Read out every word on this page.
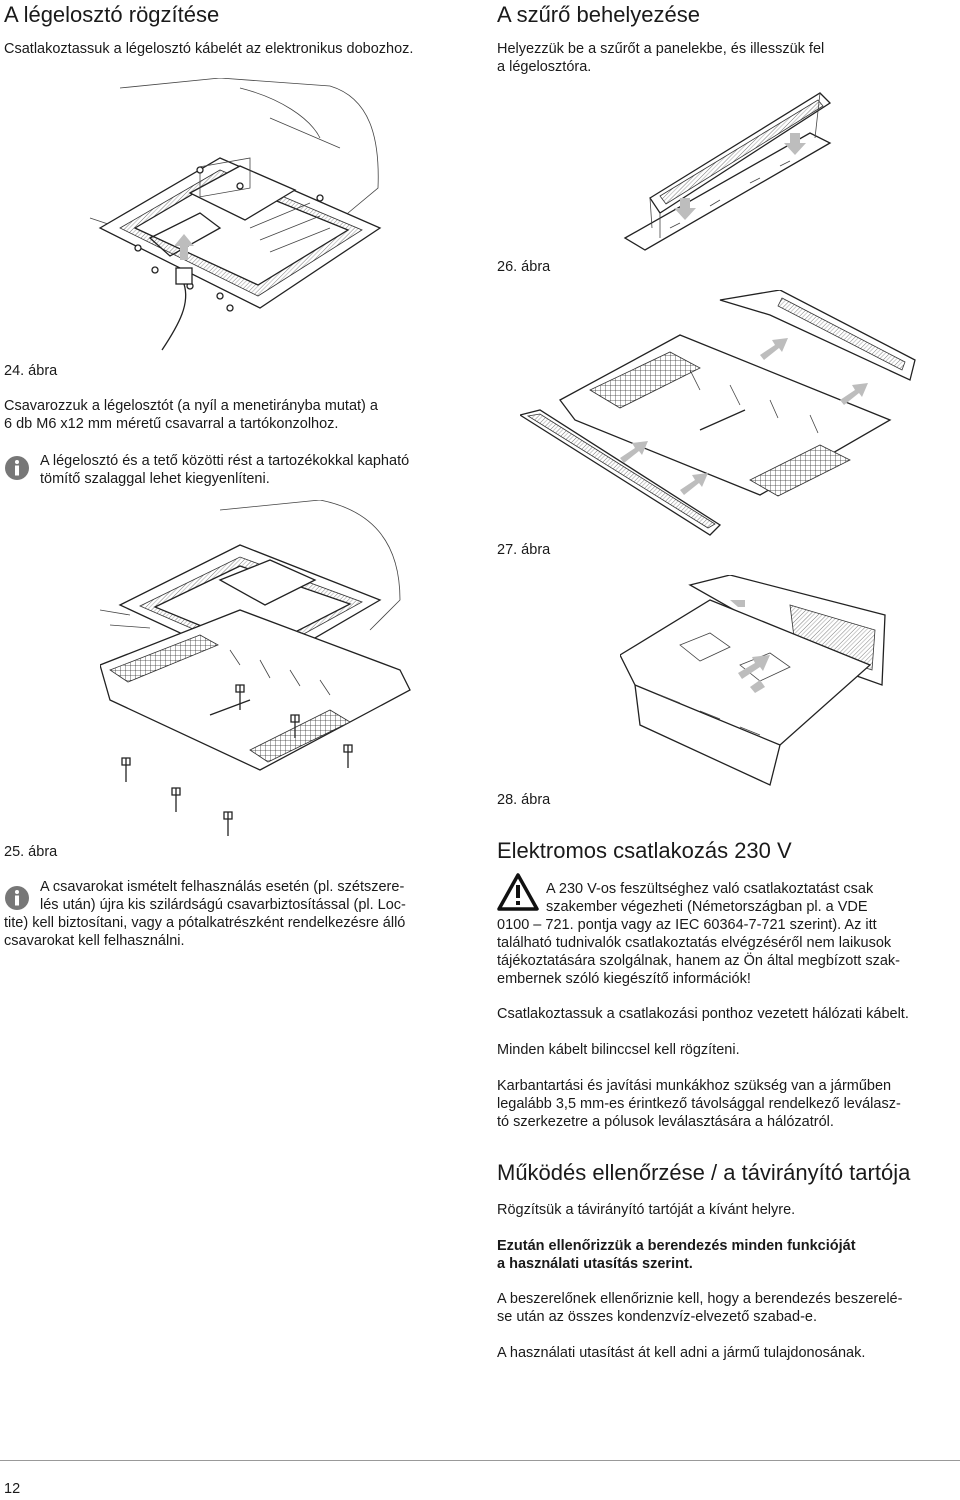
A légelosztó rögzítése

Csatlakoztassuk a légelosztó kábelét az elektronikus dobozhoz.

24. ábra

Csavarozzuk a légelosztót (a nyíl a menetirányba mutat) a

6 db M6 x12 mm méretű csavarral a tartókonzolhoz.

A légelosztó és a tető közötti rést a tartozékokkal kapható

tömítő szalaggal lehet kiegyenlíteni.

25. ábra

A csavarokat ismételt felhasználás esetén (pl. szétszere-

lés után) újra kis szilárdságú csavarbiztosítással (pl. Loc-

tite) kell biztosítani, vagy a pótalkatrészként rendelkezésre álló

csavarokat kell felhasználni.

A szűrő behelyezése

Helyezzük be a szűrőt a panelekbe, és illesszük fel

a légelosztóra.

26. ábra
27. ábra
28. ábra
Elektromos csatlakozás 230 V

A 230 V-os feszültséghez való csatlakoztatást csak

szakember végezheti (Németországban pl. a VDE

0100 – 721. pontja vagy az IEC 60364-7-721 szerint). Az itt

található tudnivalók csatlakoztatás elvégzéséről nem laikusok

tájékoztatására szolgálnak, hanem az Ön által megbízott szak-

embernek szóló kiegészítő információk!

Csatlakoztassuk a csatlakozási ponthoz vezetett hálózati kábelt.

Minden kábelt bilinccsel kell rögzíteni.

Karbantartási és javítási munkákhoz szükség van a járműben

legalább 3,5 mm-es érintkező távolsággal rendelkező leválasz-

tó szerkezetre a pólusok leválasztására a hálózatról.

Működés ellenőrzése / a távirányító tartója

Rögzítsük a távirányító tartóját a kívánt helyre.

Ezután ellenőrizzük a berendezés minden funkcióját

a használati utasítás szerint.

A beszerelőnek ellenőriznie kell, hogy a berendezés beszerelé-

se után az összes kondenzvíz-elvezető szabad-e.

A használati utasítást át kell adni a jármű tulajdonosának.

12
